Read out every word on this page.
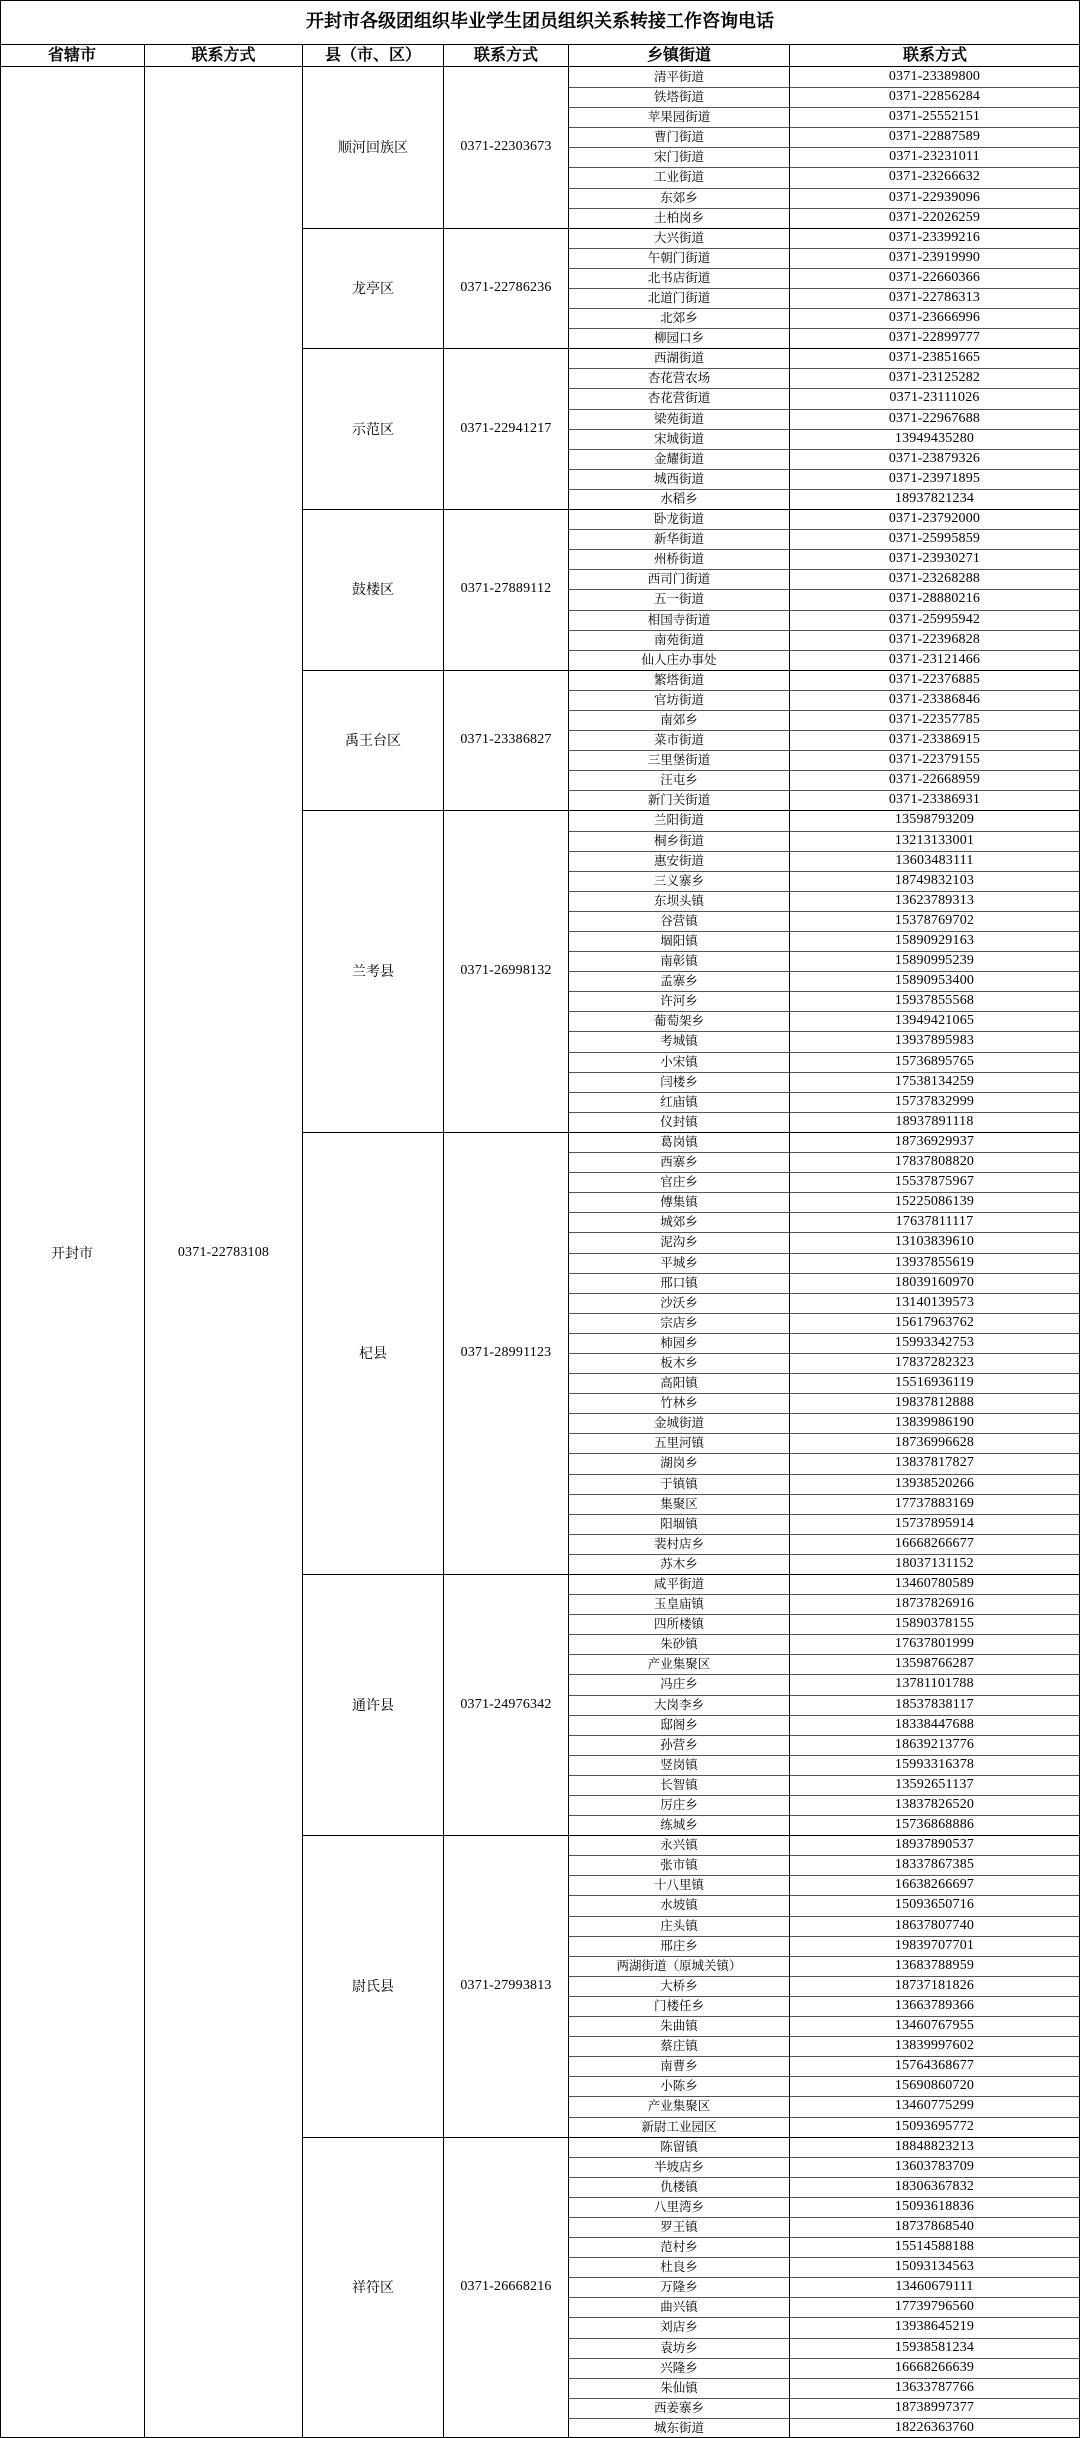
开封市各级团组织毕业学生团员组织关系转接工作咨询电话
省辖市	联系方式	县（市、区）	联系方式	乡镇街道	联系方式
开封市	0371-22783108
顺河回族区	0371-22303673
清平街道	0371-23389800
铁塔街道	0371-22856284
苹果园街道	0371-25552151
曹门街道	0371-22887589
宋门街道	0371-23231011
工业街道	0371-23266632
东郊乡	0371-22939096
土柏岗乡	0371-22026259
龙亭区	0371-22786236
大兴街道	0371-23399216
午朝门街道	0371-23919990
北书店街道	0371-22660366
北道门街道	0371-22786313
北郊乡	0371-23666996
柳园口乡	0371-22899777
示范区	0371-22941217
西湖街道	0371-23851665
杏花营农场	0371-23125282
杏花营街道	0371-23111026
梁苑街道	0371-22967688
宋城街道	13949435280
金耀街道	0371-23879326
城西街道	0371-23971895
水稻乡	18937821234
鼓楼区	0371-27889112
卧龙街道	0371-23792000
新华街道	0371-25995859
州桥街道	0371-23930271
西司门街道	0371-23268288
五一街道	0371-28880216
相国寺街道	0371-25995942
南苑街道	0371-22396828
仙人庄办事处	0371-23121466
禹王台区	0371-23386827
繁塔街道	0371-22376885
官坊街道	0371-23386846
南郊乡	0371-22357785
菜市街道	0371-23386915
三里堡街道	0371-22379155
汪屯乡	0371-22668959
新门关街道	0371-23386931
兰考县	0371-26998132
兰阳街道	13598793209
桐乡街道	13213133001
惠安街道	13603483111
三义寨乡	18749832103
东坝头镇	13623789313
谷营镇	15378769702
堌阳镇	15890929163
南彰镇	15890995239
孟寨乡	15890953400
许河乡	15937855568
葡萄架乡	13949421065
考城镇	13937895983
小宋镇	15736895765
闫楼乡	17538134259
红庙镇	15737832999
仪封镇	18937891118
杞县	0371-28991123
葛岗镇	18736929937
西寨乡	17837808820
官庄乡	15537875967
傅集镇	15225086139
城郊乡	17637811117
泥沟乡	13103839610
平城乡	13937855619
邢口镇	18039160970
沙沃乡	13140139573
宗店乡	15617963762
柿园乡	15993342753
板木乡	17837282323
高阳镇	15516936119
竹林乡	19837812888
金城街道	13839986190
五里河镇	18736996628
湖岗乡	13837817827
于镇镇	13938520266
集聚区	17737883169
阳堌镇	15737895914
裴村店乡	16668266677
苏木乡	18037131152
通许县	0371-24976342
咸平街道	13460780589
玉皇庙镇	18737826916
四所楼镇	15890378155
朱砂镇	17637801999
产业集聚区	13598766287
冯庄乡	13781101788
大岗李乡	18537838117
邸阁乡	18338447688
孙营乡	18639213776
竖岗镇	15993316378
长智镇	13592651137
厉庄乡	13837826520
练城乡	15736868886
尉氏县	0371-27993813
永兴镇	18937890537
张市镇	18337867385
十八里镇	16638266697
水坡镇	15093650716
庄头镇	18637807740
邢庄乡	19839707701
两湖街道（原城关镇）	13683788959
大桥乡	18737181826
门楼任乡	13663789366
朱曲镇	13460767955
蔡庄镇	13839997602
南曹乡	15764368677
小陈乡	15690860720
产业集聚区	13460775299
新尉工业园区	15093695772
祥符区	0371-26668216
陈留镇	18848823213
半坡店乡	13603783709
仇楼镇	18306367832
八里湾乡	15093618836
罗王镇	18737868540
范村乡	15514588188
杜良乡	15093134563
万隆乡	13460679111
曲兴镇	17739796560
刘店乡	13938645219
袁坊乡	15938581234
兴隆乡	16668266639
朱仙镇	13633787766
西姜寨乡	18738997377
城东街道	18226363760
